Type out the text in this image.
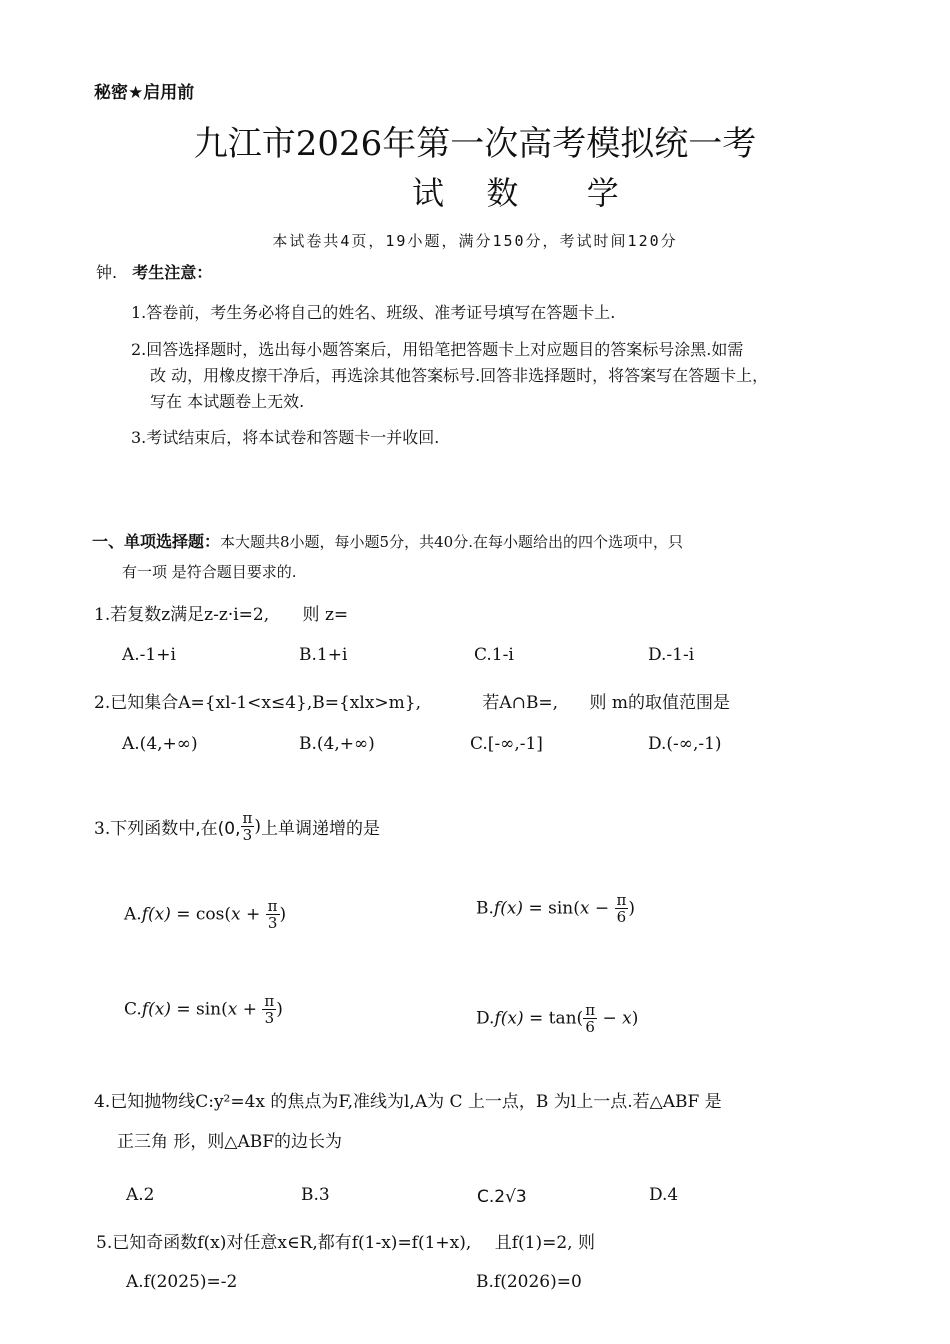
秘密★启用前
九江市2026年第一次高考模拟统一考
试 数 学
本试卷共4页，19小题，满分150分，考试时间120分
钟. 考生注意：
1.答卷前，考生务必将自己的姓名、班级、准考证号填写在答题卡上.
2.回答选择题时，选出每小题答案后，用铅笔把答题卡上对应题目的答案标号涂黑.如需
改 动，用橡皮擦干净后，再选涂其他答案标号.回答非选择题时，将答案写在答题卡上，
写在 本试题卷上无效.
3.考试结束后，将本试卷和答题卡一并收回.
一、单项选择题：本大题共8小题，每小题5分，共40分.在每小题给出的四个选项中，只
有一项 是符合题目要求的.
1.若复数z满足z-z·i=2, 则 z=
A.-1+i	B.1+i	C.1-i	D.-1-i
2.已知集合A={xl-1<x≤4},B={xlx>m},	若A∩B=, 则 m的取值范围是
A.(4,+∞)	B.(4,+∞)	C.[-∞,-1]	D.(-∞,-1)
3.下列函数中,在(0, $\frac{\pi}{3}$ )上单调递增的是
$A.f(x) = \cos(x + \frac{\pi}{3}$ )	$B.f(x) = \sin(x - \frac{\pi}{6}$ )
$C.f(x) = \sin(x + \frac{\pi}{3}$ )	$D.f(x) = \tan( \frac{\pi}{6} - x)$
4.已知抛物线C:y²=4x 的焦点为F,准线为l,A为 C 上一点，B 为l上一点.若△ABF 是
正三角 形，则△ABF的边长为
A.2	B.3	C.2√3	D.4
5.已知奇函数f(x)对任意x∈R,都有f(1-x)=f(1+x), 且f(1)=2, 则
A.f(2025)=-2	B.f(2026)=0
